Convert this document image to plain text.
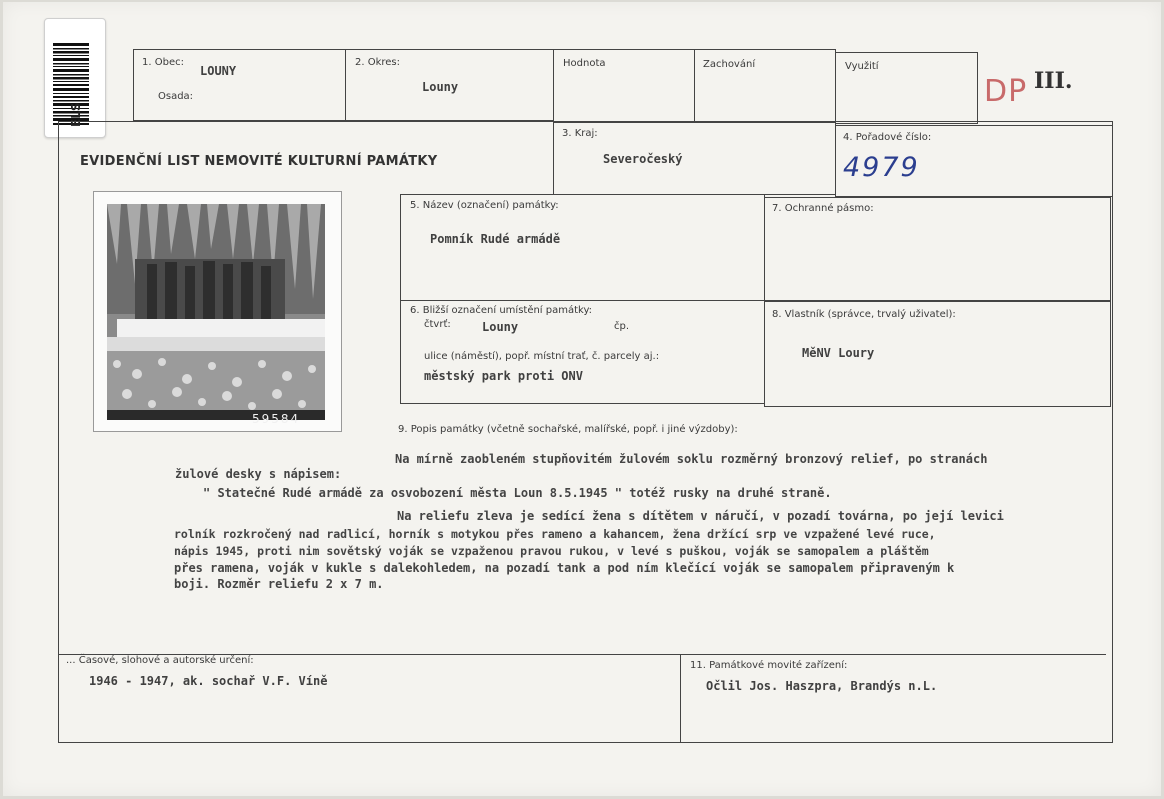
ELS
1. Obec:
LOUNY
Osada:
2. Okres:
Louny
Hodnota	Zachování	Využití
DP III.
EVIDENČNÍ LIST NEMOVITÉ KULTURNÍ PAMÁTKY
3. Kraj:
Severočeský
4. Pořadové číslo:
4979
59584
5. Název (označení) památky:
Pomník Rudé armádě
7. Ochranné pásmo:
6. Bližší označení umístění památky:
čtvrť:	Louny	čp.
ulice (náměstí), popř. místní trať, č. parcely aj.:
městský park proti ONV
8. Vlastník (správce, trvalý uživatel):
MěNV Loury
9. Popis památky (včetně sochařské, malířské, popř. i jiné výzdoby):
Na mírně zaobleném stupňovitém žulovém soklu rozměrný bronzový relief, po stranách
žulové desky s nápisem:
" Statečné Rudé armádě za osvobození města Loun 8.5.1945 " totéž rusky na druhé straně.
Na reliefu zleva je sedící žena s dítětem v náručí, v pozadí továrna, po její levici
rolník rozkročený nad radlicí, horník s motykou přes rameno a kahancem, žena držící srp ve vzpažené levé ruce,
nápis 1945, proti nim sovětský voják se vzpaženou pravou rukou, v levé s puškou, voják se samopalem a pláštěm
přes ramena, voják v kukle s dalekohledem, na pozadí tank a pod ním klečící voják se samopalem připraveným k
boji. Rozměr reliefu 2 x 7 m.
... Časové, slohové a autorské určení:
1946 - 1947, ak. sochař V.F. Víně
11. Památkové movité zařízení:
Očlil Jos. Haszpra, Brandýs n.L.
